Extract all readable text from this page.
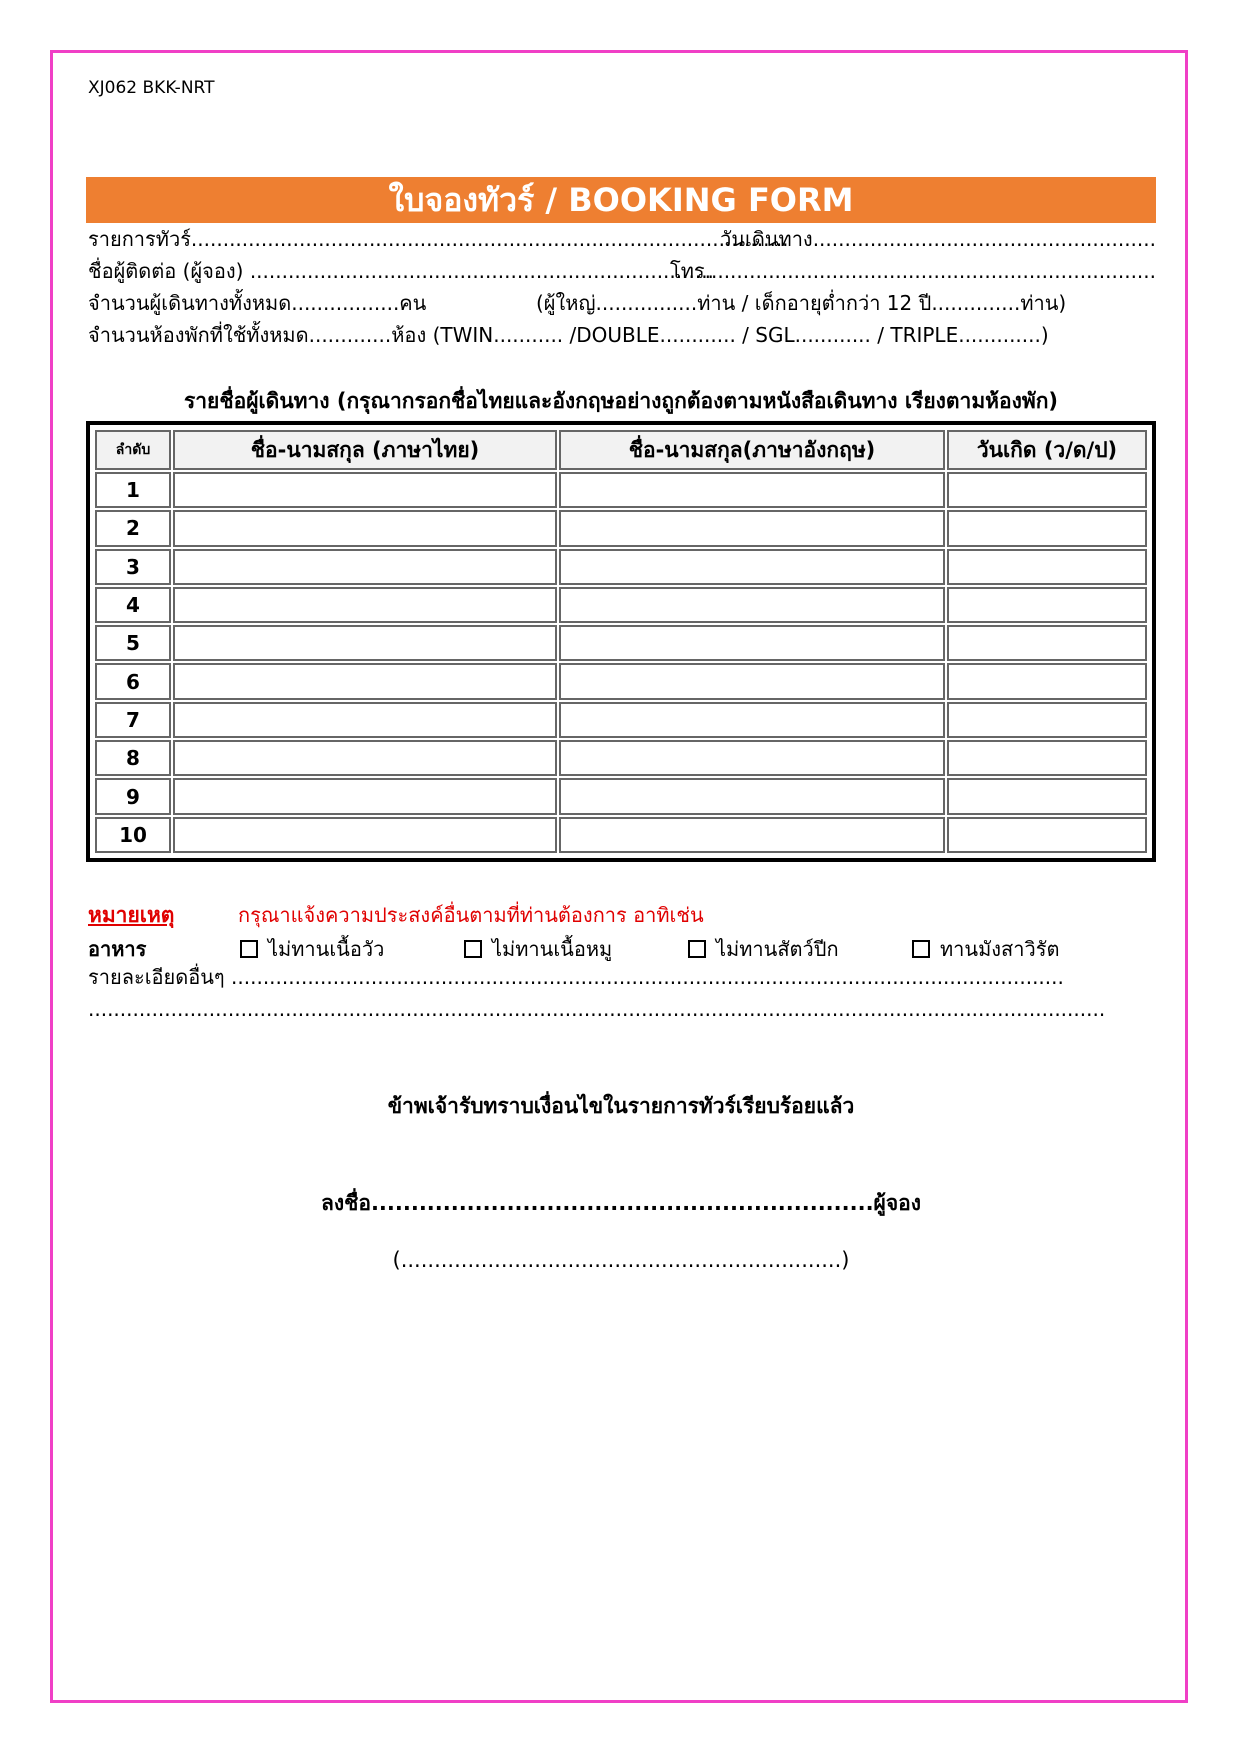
XJ062 BKK-NRT
ใบจองทัวร์ / BOOKING FORM
รายการทัวร์..............................................................................................
วันเดินทาง......................................................
ชื่อผู้ติดต่อ (ผู้จอง) .........................................................................
โทร.......................................................................
จำนวนผู้เดินทางทั้งหมด.................คน	(ผู้ใหญ่................ท่าน / เด็กอายุต่ำกว่า 12 ปี..............ท่าน)
จำนวนห้องพักที่ใช้ทั้งหมด.............ห้อง (TWIN........... /DOUBLE............ / SGL............ / TRIPLE.............)
รายชื่อผู้เดินทาง (กรุณากรอกชื่อไทยและอังกฤษอย่างถูกต้องตามหนังสือเดินทาง เรียงตามห้องพัก)
ลำดับ	ชื่อ-นามสกุล (ภาษาไทย)	ชื่อ-นามสกุล(ภาษาอังกฤษ)	วันเกิด (ว/ด/ป)
1			
2			
3			
4			
5			
6			
7			
8			
9			
10			
หมายเหตุ	กรุณาแจ้งความประสงค์อื่นตามที่ท่านต้องการ อาทิเช่น
อาหาร	ไม่ทานเนื้อวัว	ไม่ทานเนื้อหมู	ไม่ทานสัตว์ปีก	ทานมังสาวิรัต
รายละเอียดอื่นๆ ...................................................................................................................................
................................................................................................................................................................
ข้าพเจ้ารับทราบเงื่อนไขในรายการทัวร์เรียบร้อยแล้ว
ลงชื่อ...............................................................ผู้จอง
(..................................................................)
